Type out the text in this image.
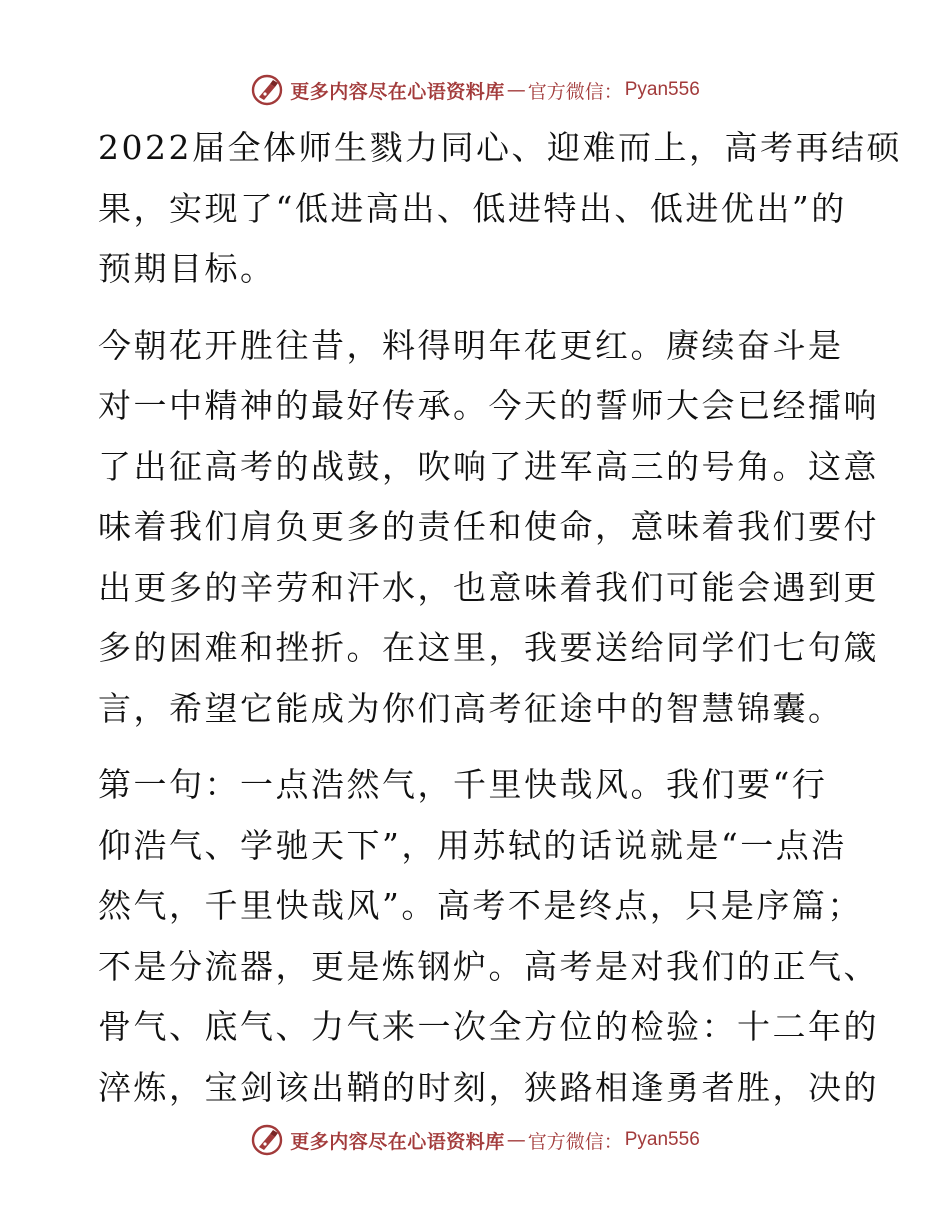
更多内容尽在心语资料库 — 官方微信： Pyan556

2022届全体师生戮力同心、迎难而上，高考再结硕
果，实现了“低进高出、低进特出、低进优出”的
预期目标。

今朝花开胜往昔，料得明年花更红。赓续奋斗是
对一中精神的最好传承。今天的誓师大会已经擂响
了出征高考的战鼓，吹响了进军高三的号角。这意
味着我们肩负更多的责任和使命，意味着我们要付
出更多的辛劳和汗水，也意味着我们可能会遇到更
多的困难和挫折。在这里，我要送给同学们七句箴
言，希望它能成为你们高考征途中的智慧锦囊。

第一句：一点浩然气，千里快哉风。我们要“行
仰浩气、学驰天下”，用苏轼的话说就是“一点浩
然气，千里快哉风”。高考不是终点，只是序篇；
不是分流器，更是炼钢炉。高考是对我们的正气、
骨气、底气、力气来一次全方位的检验：十二年的
淬炼，宝剑该出鞘的时刻，狭路相逢勇者胜，决的

更多内容尽在心语资料库 — 官方微信： Pyan556
